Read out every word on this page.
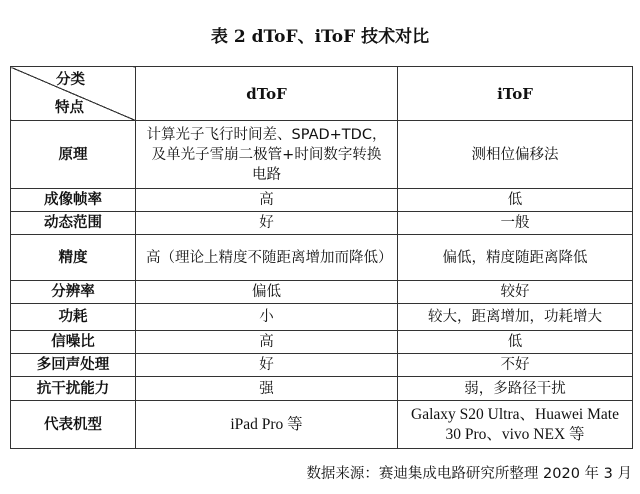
表 2 dToF、iToF 技术对比
分类
特点	dToF	iToF
原理	计算光子飞行时间差、SPAD+TDC，及单光子雪崩二极管+时间数字转换电路	测相位偏移法
成像帧率	高	低
动态范围	好	一般
精度	高（理论上精度不随距离增加而降低）	偏低，精度随距离降低
分辨率	偏低	较好
功耗	小	较大，距离增加，功耗增大
信噪比	高	低
多回声处理	好	不好
抗干扰能力	强	弱，多路径干扰
代表机型	iPad Pro 等	Galaxy S20 Ultra、Huawei Mate 30 Pro、vivo NEX 等
数据来源：赛迪集成电路研究所整理 2020 年 3 月
